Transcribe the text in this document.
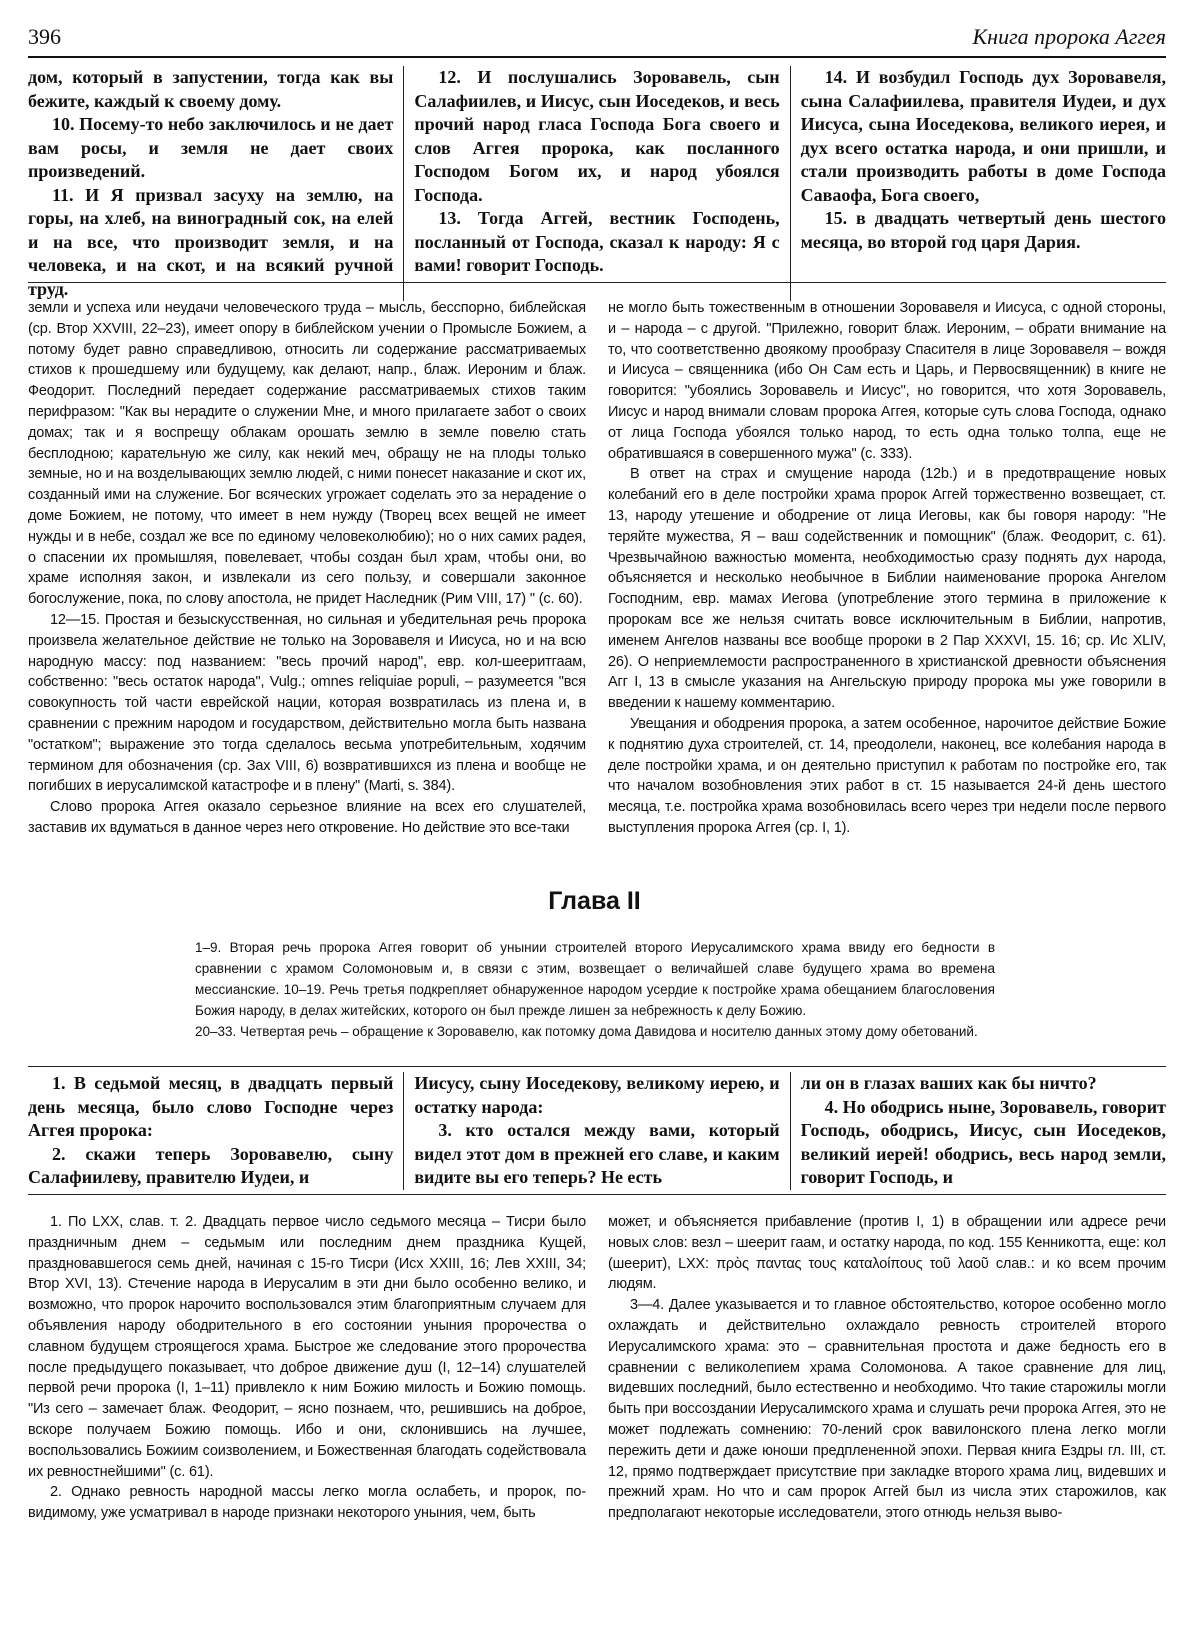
396	Книга пророка Аггея

дом, который в запустении, тогда как вы бежите, каждый к своему дому.

10. Посему-то небо заключилось и не дает вам росы, и земля не дает своих произведений.

11. И Я призвал засуху на землю, на горы, на хлеб, на виноградный сок, на елей и на все, что производит земля, и на человека, и на скот, и на всякий ручной труд.

12. И послушались Зоровавель, сын Салафиилев, и Иисус, сын Иоседеков, и весь прочий народ гласа Господа Бога своего и слов Аггея пророка, как посланного Господом Богом их, и народ убоялся Господа.

13. Тогда Аггей, вестник Господень, посланный от Господа, сказал к народу: Я с вами! говорит Господь.

14. И возбудил Господь дух Зоровавеля, сына Салафиилева, правителя Иудеи, и дух Иисуса, сына Иоседекова, великого иерея, и дух всего остатка народа, и они пришли, и стали производить работы в доме Господа Саваофа, Бога своего,

15. в двадцать четвертый день шестого месяца, во второй год царя Дария.

земли и успеха или неудачи человеческого труда – мысль, бесспорно, библейская (ср. Втор XXVIII, 22–23), имеет опору в библейском учении о Промысле Божием, а потому будет равно справедливою, относить ли содержание рассматриваемых стихов к прошедшему или будущему, как делают, напр., блаж. Иероним и блаж. Феодорит. Последний передает содержание рассматриваемых стихов таким перифразом: "Как вы нерадите о служении Мне, и много прилагаете забот о своих домах; так и я воспрещу облакам орошать землю в земле повелю стать бесплодною; карательную же силу, как некий меч, обращу не на плоды только земные, но и на возделывающих землю людей, с ними понесет наказание и скот их, созданный ими на служение. Бог всяческих угрожает соделать это за нерадение о доме Божием, не потому, что имеет в нем нужду (Творец всех вещей не имеет нужды и в небе, создал же все по единому человеколюбию); но о них самих радея, о спасении их промышляя, повелевает, чтобы создан был храм, чтобы они, во храме исполняя закон, и извлекали из сего пользу, и совершали законное богослужение, пока, по слову апостола, не придет Наследник (Рим VIII, 17) " (с. 60).

12—15. Простая и безыскусственная, но сильная и убедительная речь пророка произвела желательное действие не только на Зоровавеля и Иисуса, но и на всю народную массу: под названием: "весь прочий народ", евр. кол-шееритгаам, собственно: "весь остаток народа", Vulg.; omnes reliquiae populi, – разумеется "вся совокупность той части еврейской нации, которая возвратилась из плена и, в сравнении с прежним народом и государством, действительно могла быть названа "остатком"; выражение это тогда сделалось весьма употребительным, ходячим термином для обозначения (ср. Зах VIII, 6) возвратившихся из плена и вообще не погибших в иерусалимской катастрофе и в плену" (Marti, s. 384).

Слово пророка Аггея оказало серьезное влияние на всех его слушателей, заставив их вдуматься в данное через него откровение. Но действие это все-таки

не могло быть тожественным в отношении Зоровавеля и Иисуса, с одной стороны, и – народа – с другой. "Прилежно, говорит блаж. Иероним, – обрати внимание на то, что соответственно двоякому прообразу Спасителя в лице Зоровавеля – вождя и Иисуса – священника (ибо Он Сам есть и Царь, и Первосвященник) в книге не говорится: "убоялись Зоровавель и Иисус", но говорится, что хотя Зоровавель, Иисус и народ внимали словам пророка Аггея, которые суть слова Господа, однако от лица Господа убоялся только народ, то есть одна только толпа, еще не обратившаяся в совершенного мужа" (с. 333).

В ответ на страх и смущение народа (12b.) и в предотвращение новых колебаний его в деле постройки храма пророк Аггей торжественно возвещает, ст. 13, народу утешение и ободрение от лица Иеговы, как бы говоря народу: "Не теряйте мужества, Я – ваш содейственник и помощник" (блаж. Феодорит, с. 61). Чрезвычайною важностью момента, необходимостью сразу поднять дух народа, объясняется и несколько необычное в Библии наименование пророка Ангелом Господним, евр. мамах Иегова (употребление этого термина в приложение к пророкам все же нельзя считать вовсе исключительным в Библии, напротив, именем Ангелов названы все вообще пророки в 2 Пар XXXVI, 15. 16; ср. Ис XLIV, 26). О неприемлемости распространенного в христианской древности объяснения Агг I, 13 в смысле указания на Ангельскую природу пророка мы уже говорили в введении к нашему комментарию.

Увещания и ободрения пророка, а затем особенное, нарочитое действие Божие к поднятию духа строителей, ст. 14, преодолели, наконец, все колебания народа в деле постройки храма, и он деятельно приступил к работам по постройке его, так что началом возобновления этих работ в ст. 15 называется 24-й день шестого месяца, т.е. постройка храма возобновилась всего через три недели после первого выступления пророка Аггея (ср. I, 1).

Глава II

1–9. Вторая речь пророка Аггея говорит об унынии строителей второго Иерусалимского храма ввиду его бедности в сравнении с храмом Соломоновым и, в связи с этим, возвещает о величайшей славе будущего храма во времена мессианские. 10–19. Речь третья подкрепляет обнаруженное народом усердие к постройке храма обещанием благословения Божия народу, в делах житейских, которого он был прежде лишен за небрежность к делу Божию.

20–33. Четвертая речь – обращение к Зоровавелю, как потомку дома Давидова и носителю данных этому дому обетований.

1. В седьмой месяц, в двадцать первый день месяца, было слово Господне через Аггея пророка:

2. скажи теперь Зоровавелю, сыну Салафиилеву, правителю Иудеи, и

Иисусу, сыну Иоседекову, великому иерею, и остатку народа:

3. кто остался между вами, который видел этот дом в прежней его славе, и каким видите вы его теперь? Не есть

ли он в глазах ваших как бы ничто?

4. Но ободрись ныне, Зоровавель, говорит Господь, ободрись, Иисус, сын Иоседеков, великий иерей! ободрись, весь народ земли, говорит Господь, и

1. По LXX, слав. т. 2. Двадцать первое число седьмого месяца – Тисри было праздничным днем – седьмым или последним днем праздника Кущей, праздновавшегося семь дней, начиная с 15-го Тисри (Исх XXIII, 16; Лев XXIII, 34; Втор XVI, 13). Стечение народа в Иерусалим в эти дни было особенно велико, и возможно, что пророк нарочито воспользовался этим благоприятным случаем для объявления народу ободрительного в его состоянии уныния пророчества о славном будущем строящегося храма. Быстрое же следование этого пророчества после предыдущего показывает, что доброе движение душ (I, 12–14) слушателей первой речи пророка (I, 1–11) привлекло к ним Божию милость и Божию помощь. "Из сего – замечает блаж. Феодорит, – ясно познаем, что, решившись на доброе, вскоре получаем Божию помощь. Ибо и они, склонившись на лучшее, воспользовались Божиим соизволением, и Божественная благодать содействовала их ревностнейшими" (с. 61).

2. Однако ревность народной массы легко могла ослабеть, и пророк, по-видимому, уже усматривал в народе признаки некоторого уныния, чем, быть

может, и объясняется прибавление (против I, 1) в обращении или адресе речи новых слов: везл – шеерит гаам, и остатку народа, по код. 155 Кенникотта, еще: кол (шеерит), LXX: πρὸς παντας τους καταλοίπους τοῦ λαοῦ слав.: и ко всем прочим людям.

3—4. Далее указывается и то главное обстоятельство, которое особенно могло охлаждать и действительно охлаждало ревность строителей второго Иерусалимского храма: это – сравнительная простота и даже бедность его в сравнении с великолепием храма Соломонова. А такое сравнение для лиц, видевших последний, было естественно и необходимо. Что такие старожилы могли быть при воссоздании Иерусалимского храма и слушать речи пророка Аггея, это не может подлежать сомнению: 70-лений срок вавилонского плена легко могли пережить дети и даже юноши предплененной эпохи. Первая книга Ездры гл. III, ст. 12, прямо подтверждает присутствие при закладке второго храма лиц, видевших и прежний храм. Но что и сам пророк Аггей был из числа этих старожилов, как предполагают некоторые исследователи, этого отнюдь нельзя выво-
